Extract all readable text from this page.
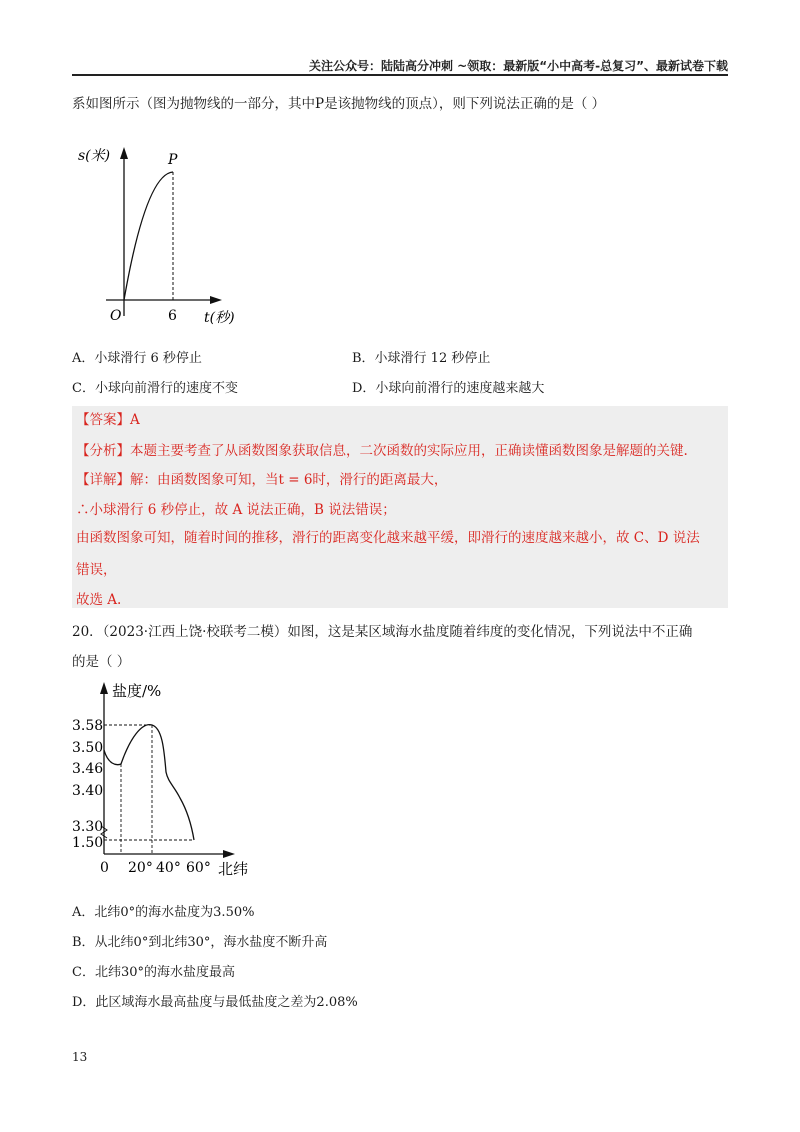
关注公众号：陆陆高分冲刺 ~领取：最新版“小中高考-总复习”、最新试卷下载
系如图所示（图为抛物线的一部分，其中P是该抛物线的顶点），则下列说法正确的是（ ）
s(米)	P
O	6 t(秒)
A．小球滑行 6 秒停止	B．小球滑行 12 秒停止
C．小球向前滑行的速度不变	D．小球向前滑行的速度越来越大
【答案】A
【分析】本题主要考查了从函数图象获取信息，二次函数的实际应用，正确读懂函数图象是解题的关键.
【详解】解：由函数图象可知，当t = 6时，滑行的距离最大，
∴小球滑行 6 秒停止，故 A 说法正确，B 说法错误；
由函数图象可知，随着时间的推移，滑行的距离变化越来越平缓，即滑行的速度越来越小，故 C、D 说法
错误，
故选 A.
20．（2023·江西上饶·校联考二模）如图，这是某区域海水盐度随着纬度的变化情况，下列说法中不正确
的是（ ）
盐度/%
3.58
3.50
3.46
3.40
3.30
1.50
0 20° 40° 60° 北纬
A．北纬0°的海水盐度为3.50%
B．从北纬0°到北纬30°，海水盐度不断升高
C．北纬30°的海水盐度最高
D．此区域海水最高盐度与最低盐度之差为2.08%
13
